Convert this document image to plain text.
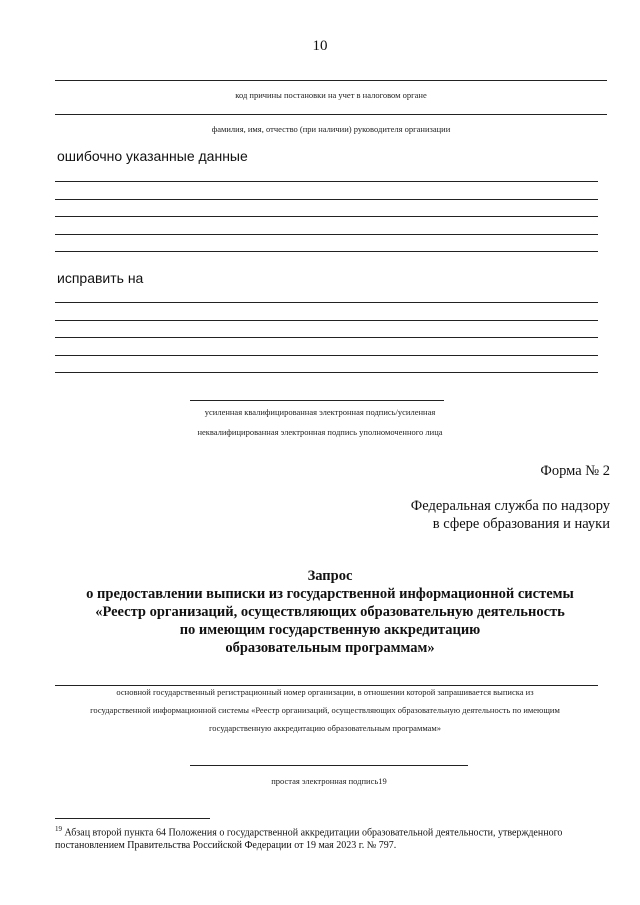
10
код причины постановки на учет в налоговом органе
фамилия, имя, отчество (при наличии) руководителя организации
ошибочно указанные данные
исправить на
усиленная квалифицированная электронная подпись/усиленная
неквалифицированная электронная подпись уполномоченного лица
Форма № 2
Федеральная служба по надзору
в сфере образования и науки
Запрос
о предоставлении выписки из государственной информационной системы
«Реестр организаций, осуществляющих образовательную деятельность
по имеющим государственную аккредитацию
образовательным программам»
основной государственный регистрационный номер организации, в отношении которой запрашивается выписка из
государственной информационной системы «Реестр организаций, осуществляющих образовательную деятельность по имеющим
государственную аккредитацию образовательным программам»
простая электронная подпись19
$^{19}$ Абзац второй пункта 64 Положения о государственной аккредитации образовательной деятельности, утвержденного
постановлением Правительства Российской Федерации от 19 мая 2023 г. № 797.
